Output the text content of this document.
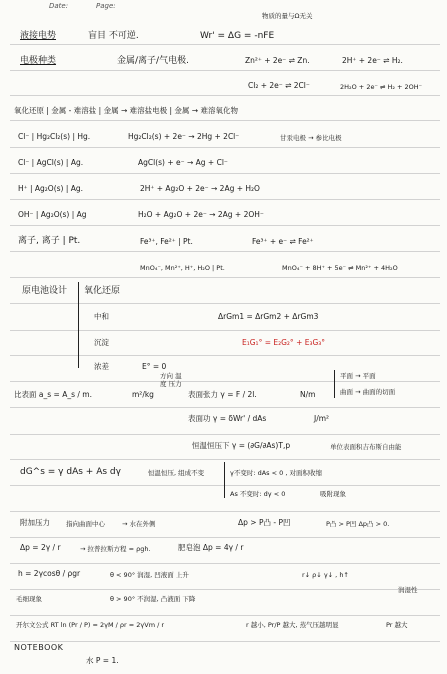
Date:	Page:
物质的量与Ω无关
液接电势	盲目 不可逆.	Wr' = ΔG = -nFE
电极种类	金属/离子/气电极.	Zn²⁺ + 2e⁻ ⇌ Zn.	2H⁺ + 2e⁻ ⇌ H₂.
Cl₂ + 2e⁻ ⇌ 2Cl⁻	2H₂O + 2e⁻ ⇌ H₂ + 2OH⁻
氧化还原 | 金属 - 难溶盐 | 金属 → 难溶盐电极 | 金属 → 难溶氧化物
Cl⁻ | Hg₂Cl₂(s) | Hg.	Hg₂Cl₂(s) + 2e⁻ → 2Hg + 2Cl⁻	甘汞电极 → 参比电极
Cl⁻ | AgCl(s) | Ag.	AgCl(s) + e⁻ → Ag + Cl⁻
H⁺ | Ag₂O(s) | Ag.	2H⁺ + Ag₂O + 2e⁻ → 2Ag + H₂O
OH⁻ | Ag₂O(s) | Ag	H₂O + Ag₂O + 2e⁻ → 2Ag + 2OH⁻
离子, 离子 | Pt.	Fe³⁺, Fe²⁺ | Pt.	Fe³⁺ + e⁻ ⇌ Fe²⁺
MnO₄⁻, Mn²⁺, H⁺, H₂O | Pt.	MnO₄⁻ + 8H⁺ + 5e⁻ ⇌ Mn²⁺ + 4H₂O
原电池设计 氧化还原
中和	ΔrGm1 = ΔrGm2 + ΔrGm3
沉淀	E₁G₁° = E₂G₂° + E₃G₃°
浓差	E° = 0
比表面 a_s = A_s / m.	m²/kg
方向 温度 压力
表面张力 γ = F / 2l.	N/m
平面 → 平面
曲面 → 曲面的切面
表面功 γ = δWr' / dAs	J/m²
恒温恒压下 γ = (∂G/∂As)T,p	单位表面积吉布斯自由能
dG^s = γ dAs + As dγ	恒温恒压, 组成不变	γ不变时: dAs < 0 , 对面积收缩
As 不变时: dγ < 0	吸附现象
附加压力 指向曲面中心	→ 水在外侧	Δp > P凸 - P凹	P凸 > P凹 Δp凸 > 0.
Δp = 2γ / r	→ 拉普拉斯方程 = ρgh.	肥皂泡 Δp = 4γ / r
h = 2γcosθ / ρgr	θ < 90° 润湿, 凹液面 上升	r↓ ρ↓ γ↓ , h↑
润湿性
毛细现象	θ > 90° 不润湿, 凸液面 下降
开尔文公式 RT ln (Pr / P) = 2γM / ρr = 2γVm / r	r 越小, Pr/P 越大, 蒸气压越明显	Pr 越大
NOTEBOOK
水 P = 1.
